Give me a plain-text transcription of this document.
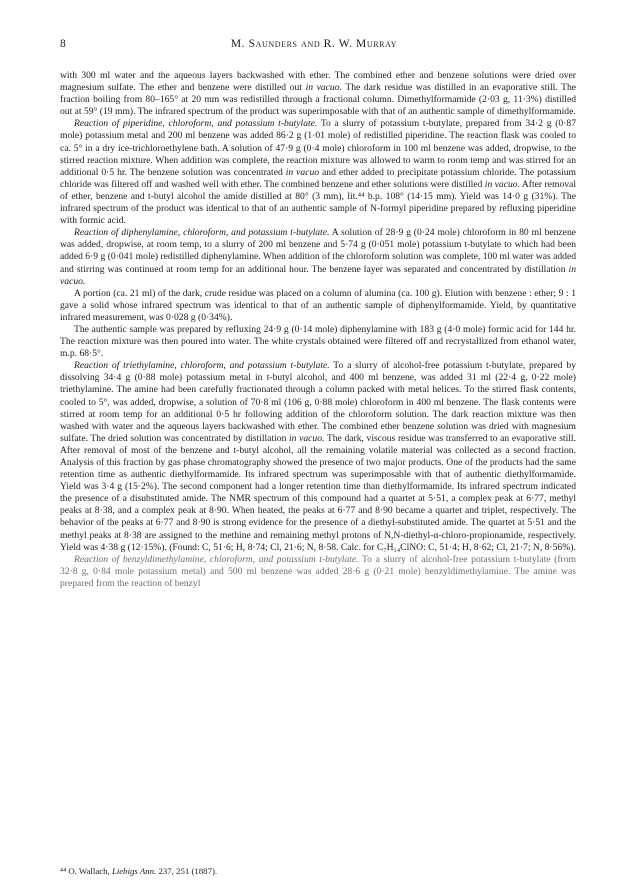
8	M. Saunders and R. W. Murray

with 300 ml water and the aqueous layers backwashed with ether. The combined ether and benzene solutions were dried over magnesium sulfate. The ether and benzene were distilled out in vacuo. The dark residue was distilled in an evaporative still. The fraction boiling from 80–165° at 20 mm was redistilled through a fractional column. Dimethylformamide (2·03 g, 11·3%) distilled out at 59° (19 mm). The infrared spectrum of the product was superimposable with that of an authentic sample of dimethylformamide.

Reaction of piperidine, chloroform, and potassium t-butylate. To a slurry of potassium t-butylate, prepared from 34·2 g (0·87 mole) potassium metal and 200 ml benzene was added 86·2 g (1·01 mole) of redistilled piperidine. The reaction flask was cooled to ca. 5° in a dry ice-trichloroethylene bath. A solution of 47·9 g (0·4 mole) chloroform in 100 ml benzene was added, dropwise, to the stirred reaction mixture. When addition was complete, the reaction mixture was allowed to warm to room temp and was stirred for an additional 0·5 hr. The benzene solution was concentrated in vacuo and ether added to precipitate potassium chloride. The potassium chloride was filtered off and washed well with ether. The combined benzene and ether solutions were distilled in vacuo. After removal of ether, benzene and t-butyl alcohol the amide distilled at 80° (3 mm), lit.⁴⁴ b.p. 108° (14·15 mm). Yield was 14·0 g (31%). The infrared spectrum of the product was identical to that of an authentic sample of N-formyl piperidine prepared by refluxing piperidine with formic acid.

Reaction of diphenylamine, chloroform, and potassium t-butylate. A solution of 28·9 g (0·24 mole) chloroform in 80 ml benzene was added, dropwise, at room temp, to a slurry of 200 ml benzene and 5·74 g (0·051 mole) potassium t-butylate to which had been added 6·9 g (0·041 mole) redistilled diphenylamine. When addition of the chloroform solution was complete, 100 ml water was added and stirring was continued at room temp for an additional hour. The benzene layer was separated and concentrated by distillation in vacuo.

A portion (ca. 21 ml) of the dark, crude residue was placed on a column of alumina (ca. 100 g). Elution with benzene : ether; 9 : 1 gave a solid whose infrared spectrum was identical to that of an authentic sample of diphenylformamide. Yield, by quantitative infrared measurement, was 0·028 g (0·34%).

The authentic sample was prepared by refluxing 24·9 g (0·14 mole) diphenylamine with 183 g (4·0 mole) formic acid for 144 hr. The reaction mixture was then poured into water. The white crystals obtained were filtered off and recrystallized from ethanol water, m.p. 68·5°.

Reaction of triethylamine, chloroform, and potassium t-butylate. To a slurry of alcohol-free potassium t-butylate, prepared by dissolving 34·4 g (0·88 mole) potassium metal in t-butyl alcohol, and 400 ml benzene, was added 31 ml (22·4 g, 0·22 mole) triethylamine. The amine had been carefully fractionated through a column packed with metal helices. To the stirred flask contents, cooled to 5°, was added, dropwise, a solution of 70·8 ml (106 g, 0·88 mole) chloroform in 400 ml benzene. The flask contents were stirred at room temp for an additional 0·5 hr following addition of the chloroform solution. The dark reaction mixture was then washed with water and the aqueous layers backwashed with ether. The combined ether benzene solution was dried with magnesium sulfate. The dried solution was concentrated by distillation in vacuo. The dark, viscous residue was transferred to an evaporative still. After removal of most of the benzene and t-butyl alcohol, all the remaining volatile material was collected as a second fraction. Analysis of this fraction by gas phase chromatography showed the presence of two major products. One of the products had the same retention time as authentic diethylformamide. Its infrared spectrum was superimposable with that of authentic diethylformamide. Yield was 3·4 g (15·2%). The second component had a longer retention time than diethylformamide. Its infrared spectrum indicated the presence of a disubstituted amide. The NMR spectrum of this compound had a quartet at 5·51, a complex peak at 6·77, methyl peaks at 8·38, and a complex peak at 8·90. When heated, the peaks at 6·77 and 8·90 became a quartet and triplet, respectively. The behavior of the peaks at 6·77 and 8·90 is strong evidence for the presence of a diethyl-substituted amide. The quartet at 5·51 and the methyl peaks at 8·38 are assigned to the methine and remaining methyl protons of N,N-diethyl-α-chloro-propionamide, respectively. Yield was 4·38 g (12·15%). (Found: C, 51·6; H, 8·74; Cl, 21·6; N, 8·58. Calc. for C₇H₁₄ClNO: C, 51·4; H, 8·62; Cl, 21·7; N, 8·56%).

Reaction of benzyldimethylamine, chloroform, and potassium t-butylate. To a slurry of alcohol-free potassium t-butylate (from 32·8 g, 0·84 mole potassium metal) and 500 ml benzene was added 28·6 g (0·21 mole) benzyldimethylamine. The amine was prepared from the reaction of benzyl

⁴⁴ O. Wallach, Liebigs Ann. 237, 251 (1887).
